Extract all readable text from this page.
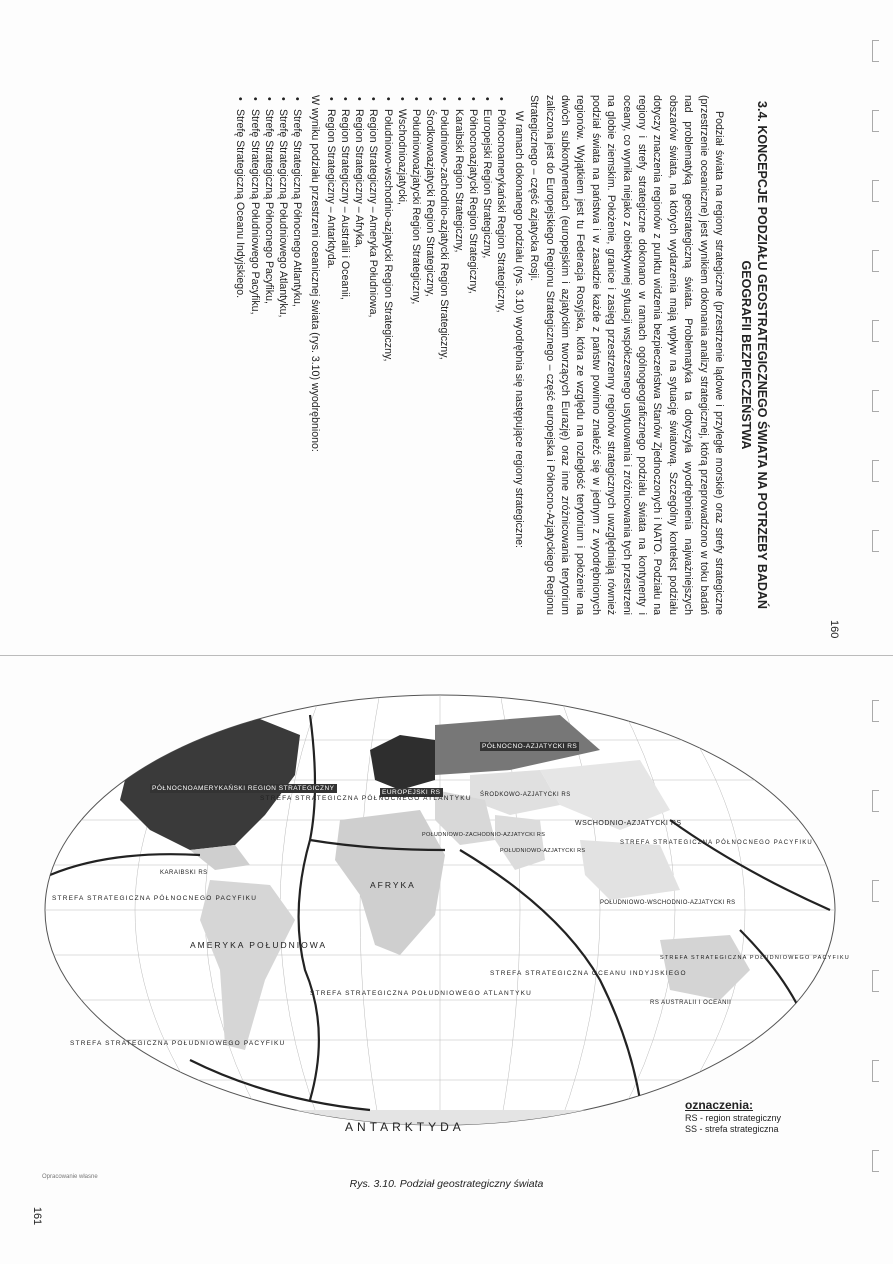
3.4. KONCEPCJE PODZIAŁU GEOSTRATEGICZNEGO ŚWIATA NA POTRZEBY BADAŃ GEOGRAFII BEZPIECZEŃSTWA

Podział świata na regiony strategiczne (przestrzenie lądowe i przyległe morskie) oraz strefy strategiczne (przestrzenie oceaniczne) jest wynikiem dokonania analizy strategicznej, którą przeprowadzono w toku badań nad problematyką geostrategiczną świata. Problematyka ta dotyczyła wyodrębnienia najważniejszych obszarów świata, na których wydarzenia mają wpływ na sytuację światową. Szczególny kontekst podziału dotyczy znaczenia regionów z punktu widzenia bezpieczeństwa Stanów Zjednoczonych i NATO. Podziału na regiony i strefy strategiczne dokonano w ramach ogólnogeograficznego podziału świata na kontynenty i oceany, co wynika niejako z obiektywnej sytuacji współczesnego usytuowania i zróżnicowania tych przestrzeni na globie ziemskim. Położenie, granice i zasięg przestrzenny regionów strategicznych uwzględniają również podział świata na państwa i w zasadzie każde z państw powinno znaleźć się w jednym z wyodrębnionych regionów. Wyjątkiem jest tu Federacja Rosyjska, która ze względu na rozległość terytorium i położenie na dwóch subkontynentach (europejskim i azjatyckim tworzących Eurazję) oraz inne zróżnicowania terytorium zaliczona jest do Europejskiego Regionu Strategicznego – część europejska i Północno-Azjatyckiego Regionu Strategicznego – część azjatycka Rosji.

W ramach dokonanego podziału (rys. 3.10) wyodrębnia się następujące regiony strategiczne:

• Północnoamerykański Region Strategiczny,
• Europejski Region Strategiczny,
• Północnoazjatycki Region Strategiczny,
• Karaibski Region Strategiczny,
• Południowo-zachodnio-azjatycki Region Strategiczny,
• Środkowoazjatycki Region Strategiczny,
• Południowoazjatycki Region Strategiczny,
• Wschodnioazjatycki,
• Południowo-wschodnio-azjatycki Region Strategiczny,
• Region Strategiczny – Ameryka Południowa,
• Region Strategiczny – Afryka,
• Region Strategiczny – Australii i Oceanii,
• Region Strategiczny – Antarktyda.

W wyniku podziału przestrzeni oceanicznej świata (rys. 3.10) wyodrębniono:

• Strefę Strategiczną Północnego Atlantyku,
• Strefę Strategiczną Południowego Atlantyku,
• Strefę Strategiczną Północnego Pacyfiku,
• Strefę Strategiczną Południowego Pacyfiku,
• Strefę Strategiczną Oceanu Indyjskiego.
160
PÓŁNOCNOAMERYKAŃSKI REGION STRATEGICZNY
EUROPEJSKI RS
PÓŁNOCNO-AZJATYCKI RS
ŚRODKOWO-AZJATYCKI RS
WSCHODNIO-AZJATYCKI RS
POŁUDNIOWO-ZACHODNIO-AZJATYCKI RS
POŁUDNIOWO-AZJATYCKI RS
POŁUDNIOWO-WSCHODNIO-AZJATYCKI RS
KARAIBSKI RS
AFRYKA
AMERYKA POŁUDNIOWA
RS AUSTRALII I OCEANII
STREFA STRATEGICZNA PÓŁNOCNEGO ATLANTYKU
STREFA STRATEGICZNA POŁUDNIOWEGO ATLANTYKU
STREFA STRATEGICZNA PÓŁNOCNEGO PACYFIKU
STREFA STRATEGICZNA PÓŁNOCNEGO PACYFIKU
STREFA STRATEGICZNA POŁUDNIOWEGO PACYFIKU
STREFA STRATEGICZNA POŁUDNIOWEGO PACYFIKU
STREFA STRATEGICZNA OCEANU INDYJSKIEGO
ANTARKTYDA
oznaczenia:
RS - region strategiczny
SS - strefa strategiczna
Opracowanie własne
Rys. 3.10. Podział geostrategiczny świata
161
